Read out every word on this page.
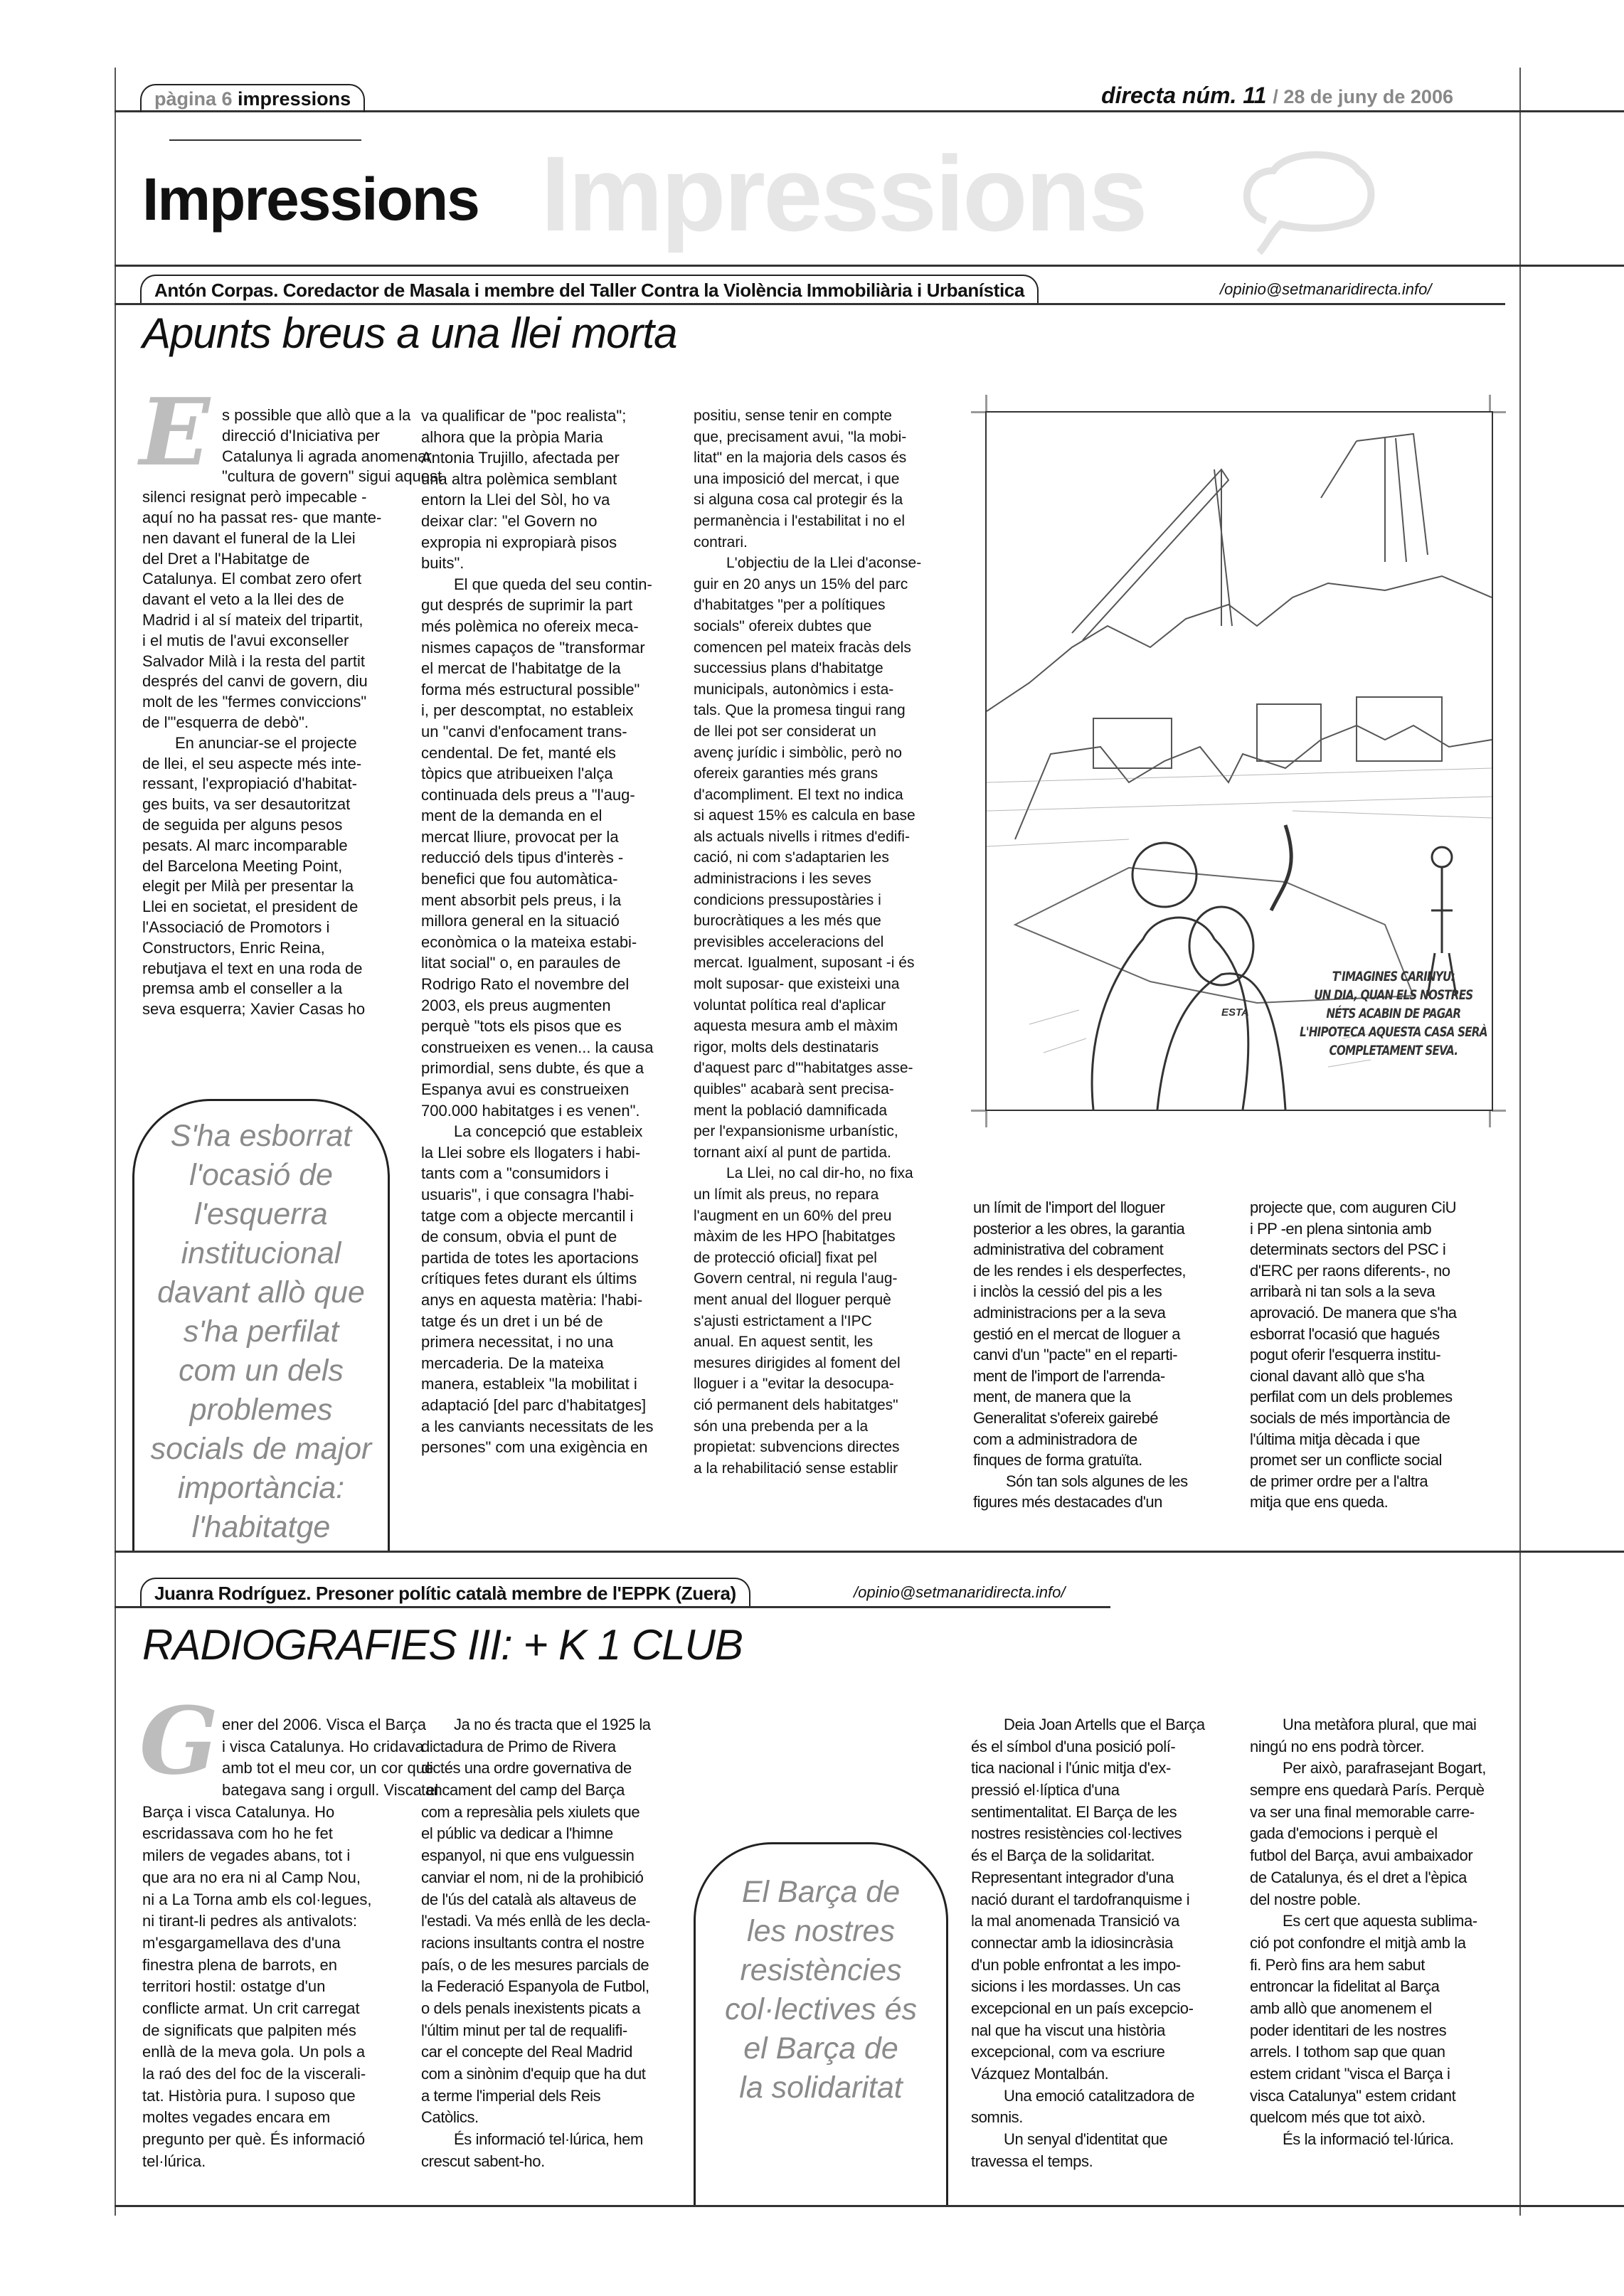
pàgina 6 impressions	directa núm. 11 / 28 de juny de 2006
Impressions
Impressions
Antón Corpas. Coredactor de Masala i membre del Taller Contra la Violència Immobiliària i Urbanística	/opinio@setmanaridirecta.info/
Apunts breus a una llei morta
E s possible que allò que a la
direcció d'Iniciativa per
Catalunya li agrada anomenar
"cultura de govern" sigui aquest
silenci resignat però impecable -
aquí no ha passat res- que mante-
nen davant el funeral de la Llei
del Dret a l'Habitatge de
Catalunya. El combat zero ofert
davant el veto a la llei des de
Madrid i al sí mateix del tripartit,
i el mutis de l'avui exconseller
Salvador Milà i la resta del partit
després del canvi de govern, diu
molt de les "fermes conviccions"
de l'"esquerra de debò".
En anunciar-se el projecte
de llei, el seu aspecte més inte-
ressant, l'expropiació d'habitat-
ges buits, va ser desautoritzat
de seguida per alguns pesos
pesats. Al marc incomparable
del Barcelona Meeting Point,
elegit per Milà per presentar la
Llei en societat, el president de
l'Associació de Promotors i
Constructors, Enric Reina,
rebutjava el text en una roda de
premsa amb el conseller a la
seva esquerra; Xavier Casas ho
va qualificar de "poc realista";
alhora que la pròpia Maria
Antonia Trujillo, afectada per
una altra polèmica semblant
entorn la Llei del Sòl, ho va
deixar clar: "el Govern no
expropia ni expropiarà pisos
buits".
El que queda del seu contin-
gut després de suprimir la part
més polèmica no ofereix meca-
nismes capaços de "transformar
el mercat de l'habitatge de la
forma més estructural possible"
i, per descomptat, no estableix
un "canvi d'enfocament trans-
cendental. De fet, manté els
tòpics que atribueixen l'alça
continuada dels preus a "l'aug-
ment de la demanda en el
mercat lliure, provocat per la
reducció dels tipus d'interès -
benefici que fou automàtica-
ment absorbit pels preus, i la
millora general en la situació
econòmica o la mateixa estabi-
litat social" o, en paraules de
Rodrigo Rato el novembre del
2003, els preus augmenten
perquè "tots els pisos que es
construeixen es venen... la causa
primordial, sens dubte, és que a
Espanya avui es construeixen
700.000 habitatges i es venen".
La concepció que estableix
la Llei sobre els llogaters i habi-
tants com a "consumidors i
usuaris", i que consagra l'habi-
tatge com a objecte mercantil i
de consum, obvia el punt de
partida de totes les aportacions
crítiques fetes durant els últims
anys en aquesta matèria: l'habi-
tatge és un dret i un bé de
primera necessitat, i no una
mercaderia. De la mateixa
manera, estableix "la mobilitat i
adaptació [del parc d'habitatges]
a les canviants necessitats de les
persones" com una exigència en
positiu, sense tenir en compte
que, precisament avui, "la mobi-
litat" en la majoria dels casos és
una imposició del mercat, i que
si alguna cosa cal protegir és la
permanència i l'estabilitat i no el
contrari.
L'objectiu de la Llei d'aconse-
guir en 20 anys un 15% del parc
d'habitatges "per a polítiques
socials" ofereix dubtes que
comencen pel mateix fracàs dels
successius plans d'habitatge
municipals, autonòmics i esta-
tals. Que la promesa tingui rang
de llei pot ser considerat un
avenç jurídic i simbòlic, però no
ofereix garanties més grans
d'acompliment. El text no indica
si aquest 15% es calcula en base
als actuals nivells i ritmes d'edifi-
cació, ni com s'adaptarien les
administracions i les seves
condicions pressupostàries i
burocràtiques a les més que
previsibles acceleracions del
mercat. Igualment, suposant -i és
molt suposar- que existeixi una
voluntat política real d'aplicar
aquesta mesura amb el màxim
rigor, molts dels destinataris
d'aquest parc d'"habitatges asse-
quibles" acabarà sent precisa-
ment la població damnificada
per l'expansionisme urbanístic,
tornant així al punt de partida.
La Llei, no cal dir-ho, no fixa
un límit als preus, no repara
l'augment en un 60% del preu
màxim de les HPO [habitatges
de protecció oficial] fixat pel
Govern central, ni regula l'aug-
ment anual del lloguer perquè
s'ajusti estrictament a l'IPC
anual. En aquest sentit, les
mesures dirigides al foment del
lloguer i a "evitar la desocupa-
ció permanent dels habitatges"
són una prebenda per a la
propietat: subvencions directes
a la rehabilitació sense establir
un límit de l'import del lloguer
posterior a les obres, la garantia
administrativa del cobrament
de les rendes i els desperfectes,
i inclòs la cessió del pis a les
administracions per a la seva
gestió en el mercat de lloguer a
canvi d'un "pacte" en el reparti-
ment de l'import de l'arrenda-
ment, de manera que la
Generalitat s'ofereix gairebé
com a administradora de
finques de forma gratuïta.
Són tan sols algunes de les
figures més destacades d'un
projecte que, com auguren CiU
i PP -en plena sintonia amb
determinats sectors del PSC i
d'ERC per raons diferents-, no
arribarà ni tan sols a la seva
aprovació. De manera que s'ha
esborrat l'ocasió que hagués
pogut oferir l'esquerra institu-
cional davant allò que s'ha
perfilat com un dels problemes
socials de més importància de
l'última mitja dècada i que
promet ser un conflicte social
de primer ordre per a l'altra
mitja que ens queda.
ESTA
T'IMAGINES CARINYU:
UN DIA, QUAN ELS NOSTRES
NÉTS ACABIN DE PAGAR
L'HIPOTECA AQUESTA CASA SERÀ
COMPLETAMENT SEVA.
S'ha esborrat
l'ocasió de
l'esquerra
institucional
davant allò que
s'ha perfilat
com un dels
problemes
socials de major
importància:
l'habitatge
Juanra Rodríguez. Presoner polític català membre de l'EPPK (Zuera)	/opinio@setmanaridirecta.info/
RADIOGRAFIES III: + K 1 CLUB
G ener del 2006. Visca el Barça
i visca Catalunya. Ho cridava
amb tot el meu cor, un cor que
bategava sang i orgull. Visca el
Barça i visca Catalunya. Ho
escridassava com ho he fet
milers de vegades abans, tot i
que ara no era ni al Camp Nou,
ni a La Torna amb els col·legues,
ni tirant-li pedres als antivalots:
m'esgargamellava des d'una
finestra plena de barrots, en
territori hostil: ostatge d'un
conflicte armat. Un crit carregat
de significats que palpiten més
enllà de la meva gola. Un pols a
la raó des del foc de la viscerali-
tat. Història pura. I suposo que
moltes vegades encara em
pregunto per què. És informació
tel·lúrica.
Ja no és tracta que el 1925 la
dictadura de Primo de Rivera
dictés una ordre governativa de
tancament del camp del Barça
com a represàlia pels xiulets que
el públic va dedicar a l'himne
espanyol, ni que ens vulguessin
canviar el nom, ni de la prohibició
de l'ús del català als altaveus de
l'estadi. Va més enllà de les decla-
racions insultants contra el nostre
país, o de les mesures parcials de
la Federació Espanyola de Futbol,
o dels penals inexistents picats a
l'últim minut per tal de requalifi-
car el concepte del Real Madrid
com a sinònim d'equip que ha dut
a terme l'imperial dels Reis
Catòlics.
És informació tel·lúrica, hem
crescut sabent-ho.
Deia Joan Artells que el Barça
és el símbol d'una posició polí-
tica nacional i l'únic mitja d'ex-
pressió el·líptica d'una
sentimentalitat. El Barça de les
nostres resistències col·lectives
és el Barça de la solidaritat.
Representant integrador d'una
nació durant el tardofranquisme i
la mal anomenada Transició va
connectar amb la idiosincràsia
d'un poble enfrontat a les impo-
sicions i les mordasses. Un cas
excepcional en un país excepcio-
nal que ha viscut una història
excepcional, com va escriure
Vázquez Montalbán.
Una emoció catalitzadora de
somnis.
Un senyal d'identitat que
travessa el temps.
Una metàfora plural, que mai
ningú no ens podrà tòrcer.
Per això, parafrasejant Bogart,
sempre ens quedarà París. Perquè
va ser una final memorable carre-
gada d'emocions i perquè el
futbol del Barça, avui ambaixador
de Catalunya, és el dret a l'èpica
del nostre poble.
Es cert que aquesta sublima-
ció pot confondre el mitjà amb la
fi. Però fins ara hem sabut
entroncar la fidelitat al Barça
amb allò que anomenem el
poder identitari de les nostres
arrels. I tothom sap que quan
estem cridant "visca el Barça i
visca Catalunya" estem cridant
quelcom més que tot això.
És la informació tel·lúrica.
El Barça de
les nostres
resistències
col·lectives és
el Barça de
la solidaritat
